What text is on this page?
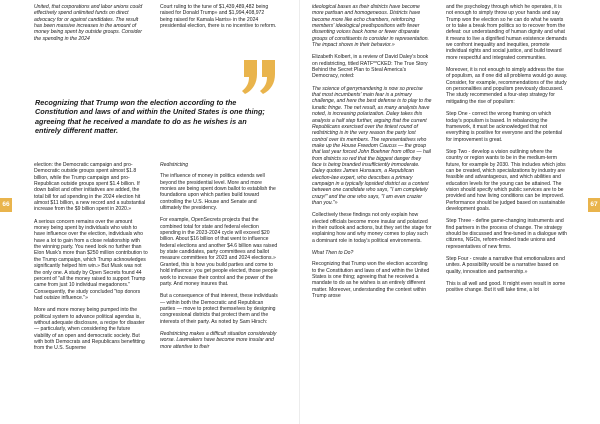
United, that corporations and labor unions could effectively spend unlimited funds on direct advocacy for or against candidates. The result has been massive increases in the amount of money being spent by outside groups. Consider the spending in the 2024

Court ruling to the tune of $1,439,489,482 being raised for Donald Trump» and $1,994,408,972 being raised for Kamala Harris» in the 2024 presidential election, there is no incentive to reform.

Recognizing that Trump won the election according to the Constitution and laws of and within the United States is one thing; agreeing that he received a mandate to do as he wishes is an entirely different matter.

election: the Democratic campaign and pro-Democratic outside groups spent almost $1.8 billion, while the Trump campaign and pro-Republican outside groups spent $1.4 billion. If down ballot and other initiatives are added, the total bill for ad spending in the 2024 election hit almost $11 billion, a new record and a substantial increase from the $9 billion spent in 2020.»

A serious concern remains over the amount money being spent by individuals who wish to have influence over the election, individuals who have a lot to gain from a close relationship with the winning party. You need look no further than Elon Musk's more than $250 million contribution to the Trump campaign, which Trump acknowledges significantly helped him win.» But Musk was not the only one. A study by Open Secrets found 44 percent of "all the money raised to support Trump came from just 10 individual megadonors." Consequently, the study concluded "top donors had outsize influence."»

More and more money being pumped into the political system to advance political agendas is, without adequate disclosure, a recipe for disaster — particularly, when considering the future viability of an open and democratic society. But with both Democrats and Republicans benefitting from the U.S. Supreme

Redistricting

The influence of money in politics extends well beyond the presidential level. More and more monies are being spent down ballot to establish the foundations upon which parties build toward controlling the U.S. House and Senate and ultimately the presidency.

For example, OpenSecrets projects that the combined total for state and federal election spending in the 2023-2024 cycle will exceed $20 billion. About $16 billion of that went to influence federal elections and another $4.6 billion was raised by state candidates, party committees and ballot measure committees for 2023 and 2024 elections.» Granted, this is how you build parties and come to hold influence: you get people elected, those people work to increase their control and the power of the party. And money insures that.

But a consequence of that interest, these individuals — within both the Democratic and Republican parties — move to protect themselves by designing congressional districts that protect them and the interests of their party. As noted by Sam Hirsch:

Redistricting makes a difficult situation considerably worse. Lawmakers have become more insular and more attentive to their

66

ideological bases as their districts have become more partisan and homogeneous. Districts have become more like echo chambers, reinforcing members' ideological predispositions with fewer dissenting voices back home or fewer disparate groups of constituents to consider in representation. The impact shows in their behavior.»

Elizabeth Kolbert, in a review of David Daley's book on redistricting, titled RATF**CKED: The True Story Behind the Secret Plan to Steal America's Democracy, noted:

The science of gerrymandering is now so precise that most incumbents' main fear is a primary challenge, and here the best defense is to play to the lunatic fringe. The net result, as many analysts have noted, is increasing polarization. Daley takes this analysis a half step further, arguing that the current Republicans exercised over the tiniest round of redistricting is in the very reason the party lost control over its members. The representatives who make up the House Freedom Caucus — the group that last year forced John Boehner from office — hail from districts so red that the biggest danger they face is being branded insufficiently immoderate. Daley quotes James Hunsaum, a Republican election-law expert, who describes a primary campaign in a typically lopsided district as a contest between one candidate who says, "I am completely crazy!" and the one who says, "I am even crazier than you."»

Collectively these findings not only explain how elected officials become more insular and polarized in their outlook and actions, but they set the stage for explaining how and why money comes to play such a dominant role in today's political environments.

What Then to Do?

Recognizing that Trump won the election according to the Constitution and laws of and within the United States is one thing; agreeing that he received a mandate to do as he wishes is an entirely different matter. Moreover, understanding the context within Trump arose

and the psychology through which he operates, it is not enough to simply throw up your hands and say Trump won the election so he can do what he wants or to take a break from politics so to recover from the defeat: our understanding of human dignity and what it means to live a dignified human existence demands we confront inequality and inequities, promote individual rights and social justice, and build toward more respectful and integrated communities.

Moreover, it is not enough to simply address the rise of populism, as if one did all problems would go away. Consider, for example, recommendations of the study on personalities and populism previously discussed. The study recommended a four-step strategy for mitigating the rise of populism:

Step One - correct the wrong framing on which today's populism is based. In rebalancing the framework, it must be acknowledged that not everything is positive for everyone and the potential for improvement is great.

Step Two - develop a vision outlining where the country or region wants to be in the medium-term future, for example by 2030. This includes which jobs can be created, which specializations by industry are feasible and advantageous, and which abilities and education levels for the young can be attained. The vision should specify which public services are to be provided and how living conditions can be improved. Performance should be judged based on sustainable development goals.

Step Three - define game-changing instruments and find partners in the process of change. The strategy should be discussed and fine-tuned in a dialogue with citizens, NGOs, reform-minded trade unions and representatives of new firms.

Step Four - create a narrative that emotionalizes and unites. A possibility would be a narrative based on quality, innovation and partnership.»

This is all well and good. It might even result in some positive change. But it will take time, a lot

67
